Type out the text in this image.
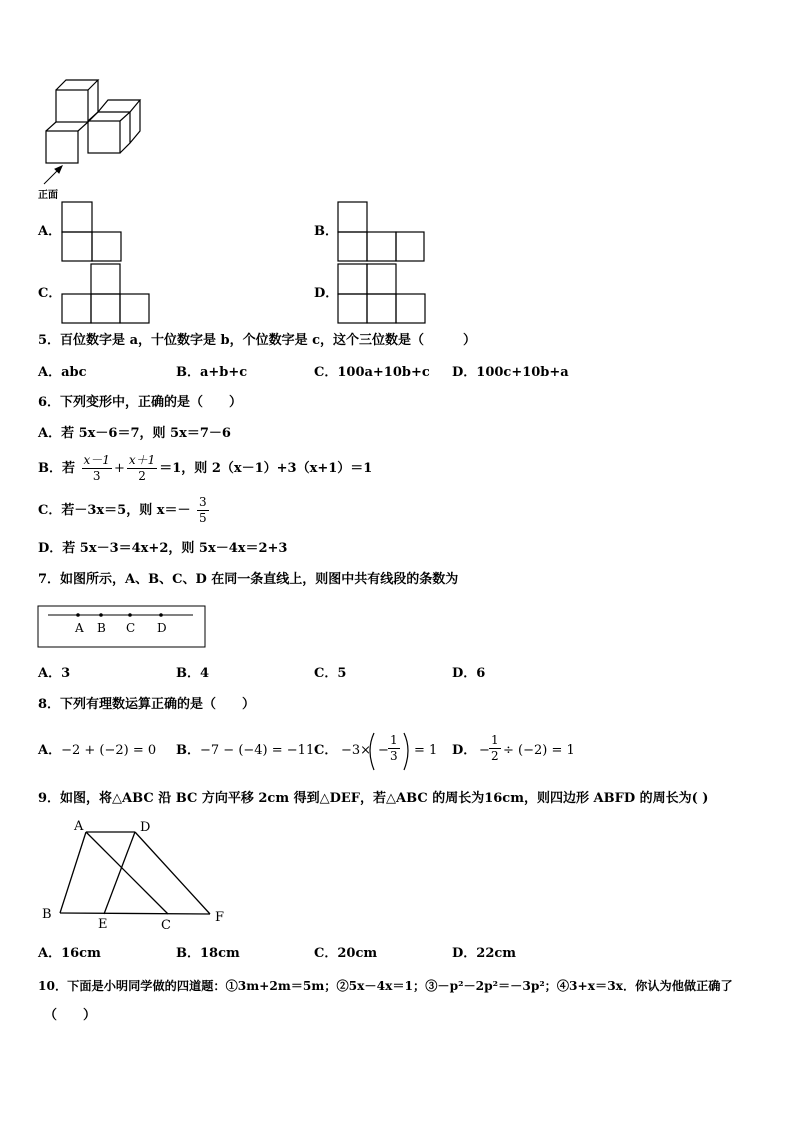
正面
A．	B．
C．	D．
5．百位数字是 a，十位数字是 b，个位数字是 c，这个三位数是（　　　）
A．abc	B．a+b+c	C．100a+10b+c D．100c+10b+a
6．下列变形中，正确的是（　　）
A．若 5x－6＝7，则 5x＝7－6
B．若 $\frac{x-1}{3} + \frac{x+1}{2} =1$，则 2（x－1）+3（x+1）＝1
C．若－3x＝5，则 $x=- \frac{3}{5}$
D．若 5x－3＝4x+2，则 5x－4x＝2+3
7．如图所示，A、B、C、D 在同一条直线上，则图中共有线段的条数为
A B C D
A．3	B．4	C．5	D．6
8．下列有理数运算正确的是（　　）
A．−2 + (−2) = 0 B．−7 − (−4) = −11 C． $-3\times - \frac{1}{3} = 1$ D． − $\frac{1}{2} \div (-2) = 1$
9．如图，将△ABC 沿 BC 方向平移 2cm 得到△DEF，若△ABC 的周长为16cm，则四边形 ABFD 的周长为( )
A	D
B
E	C
F
A．16cm	B．18cm	C．20cm	D．22cm
10．下面是小明同学做的四道题：①3m+2m＝5m；②5x－4x＝1；③－p²－2p²＝－3p²；④3+x＝3x．你认为他做正确了
（　　）
